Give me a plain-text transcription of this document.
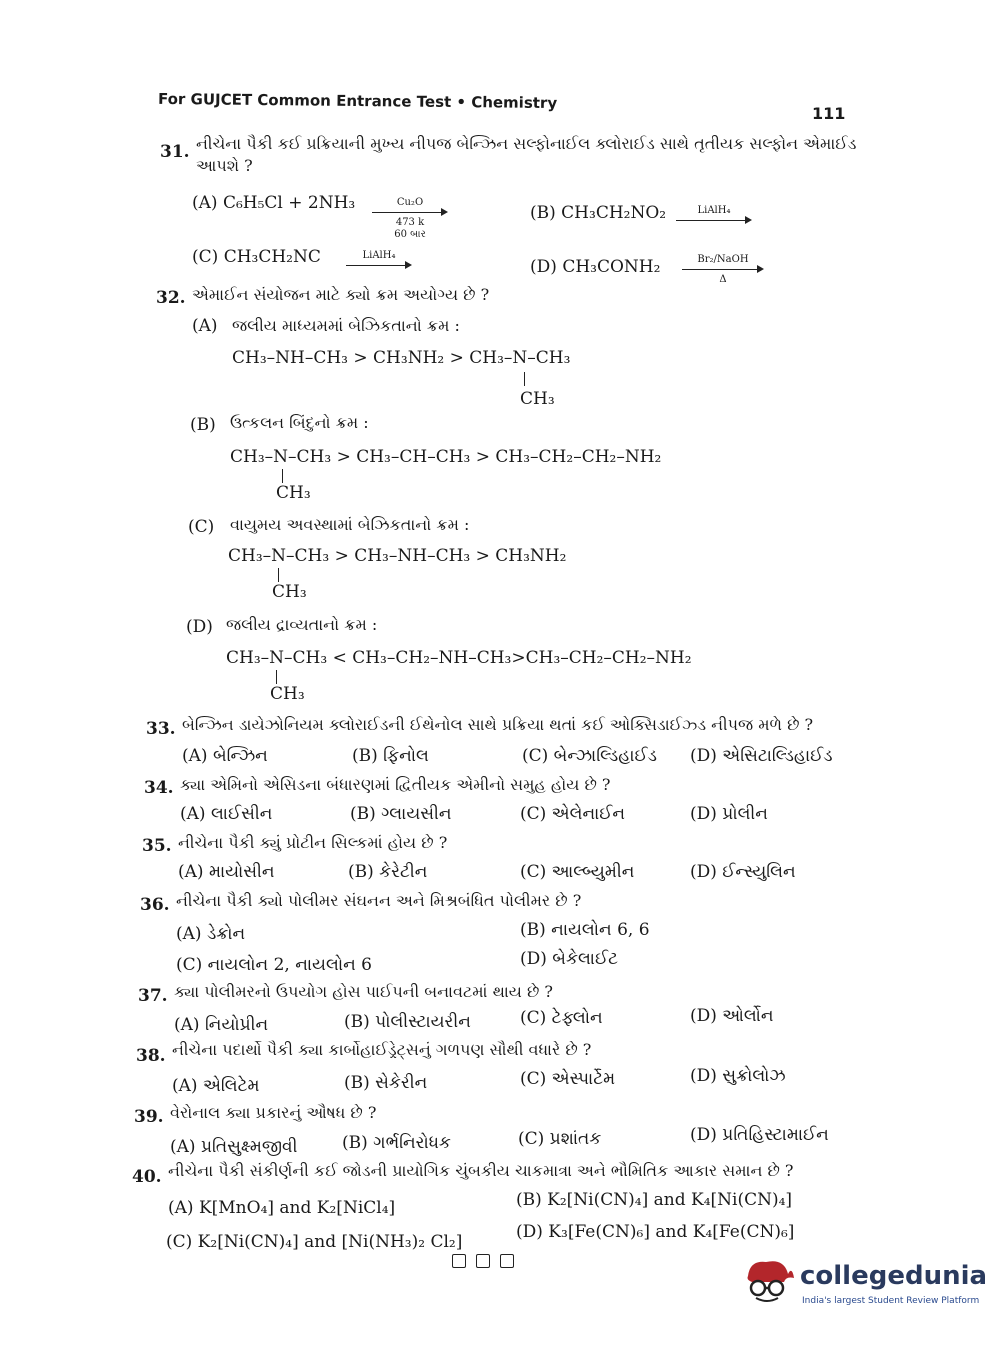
For GUJCET Common Entrance Test • Chemistry
111
31. નીચેના પૈકી કઈ પ્રક્રિયાની મુખ્ય નીપજ બેન્ઝિન સલ્ફોનાઈલ ક્લોરાઈડ સાથે તૃતીયક સલ્ફોન એમાઈડ
આપશે ?
(A) C₆H₅Cl + 2NH₃	Cu₂O
473 k
60 બાર
(B) CH₃CH₂NO₂	LiAlH₄
(C) CH₃CH₂NC	LiAlH₄
(D) CH₃CONH₂	Br₂/NaOH
Δ
32. એમાઈન સંયોજન માટે ક્યો ક્રમ અયોગ્ય છે ?
(A) જલીય માધ્યમમાં બેઝિકતાનો ક્રમ :
CH₃–NH–CH₃ > CH₃NH₂ > CH₃–N–CH₃
CH₃
(B) ઉત્કલન બિંદુનો ક્રમ :
CH₃–N–CH₃ > CH₃–CH–CH₃ > CH₃–CH₂–CH₂–NH₂
CH₃
(C) વાયુમય અવસ્થામાં બેઝિકતાનો ક્રમ :
CH₃–N–CH₃ > CH₃–NH–CH₃ > CH₃NH₂
CH₃
(D) જલીય દ્રાવ્યતાનો ક્રમ :
CH₃–N–CH₃ < CH₃–CH₂–NH–CH₃>CH₃–CH₂–CH₂–NH₂
CH₃
33. બેન્ઝિન ડાયેઝોનિયમ ક્લોરાઈડની ઈથેનોલ સાથે પ્રક્રિયા થતાં કઈ ઓક્સિડાઈઝ્ડ નીપજ મળે છે ?
(A) બેન્ઝિન	(B) ફિનોલ	(C) બેન્ઝાલ્ડિહાઈડ (D) એસિટાલ્ડિહાઈડ
34. ક્યા એમિનો એસિડના બંધારણમાં દ્વિતીયક એમીનો સમુહ હોય છે ?
(A) લાઈસીન	(B) ગ્લાયસીન	(C) એલેનાઈન	(D) પ્રોલીન
35. નીચેના પૈકી ક્યું પ્રોટીન સિલ્કમાં હોય છે ?
(A) માયોસીન	(B) કેરેટીન	(C) આલ્બ્યુમીન	(D) ઈન્સ્યુલિન
36. નીચેના પૈકી ક્યો પોલીમર સંઘનન અને મિશ્રબંધિત પોલીમર છે ?
(A) ડેક્રોન	(B) નાયલોન 6, 6
(C) નાયલોન 2, નાયલોન 6	(D) બેકેલાઈટ
37. ક્યા પોલીમરનો ઉપયોગ હોસ પાઈપની બનાવટમાં થાય છે ?
(A) નિયોપ્રીન	(B) પોલીસ્ટાયરીન	(C) ટેફ્લોન	(D) ઓર્લોન
38. નીચેના પદાર્થો પૈકી ક્યા કાર્બોહાઈડ્રેટ્સનું ગળપણ સૌથી વધારે છે ?
(A) એલિટેમ	(B) સેકેરીન	(C) એસ્પાર્ટેમ	(D) સુક્રોલોઝ
39. વેરોનાલ ક્યા પ્રકારનું ઔષધ છે ?
(A) પ્રતિસુક્ષ્મજીવી	(B) ગર્ભનિરોધક	(C) પ્રશાંતક	(D) પ્રતિહિસ્ટામાઈન
40. નીચેના પૈકી સંકીર્ણની કઈ જોડની પ્રાયોગિક ચુંબકીય ચાકમાત્રા અને ભૌમિતિક આકાર સમાન છે ?
(A) K[MnO₄] and K₂[NiCl₄]	(B) K₂[Ni(CN)₄] and K₄[Ni(CN)₄]
(C) K₂[Ni(CN)₄] and [Ni(NH₃)₂ Cl₂]	(D) K₃[Fe(CN)₆] and K₄[Fe(CN)₆]
collegedunia
India's largest Student Review Platform
